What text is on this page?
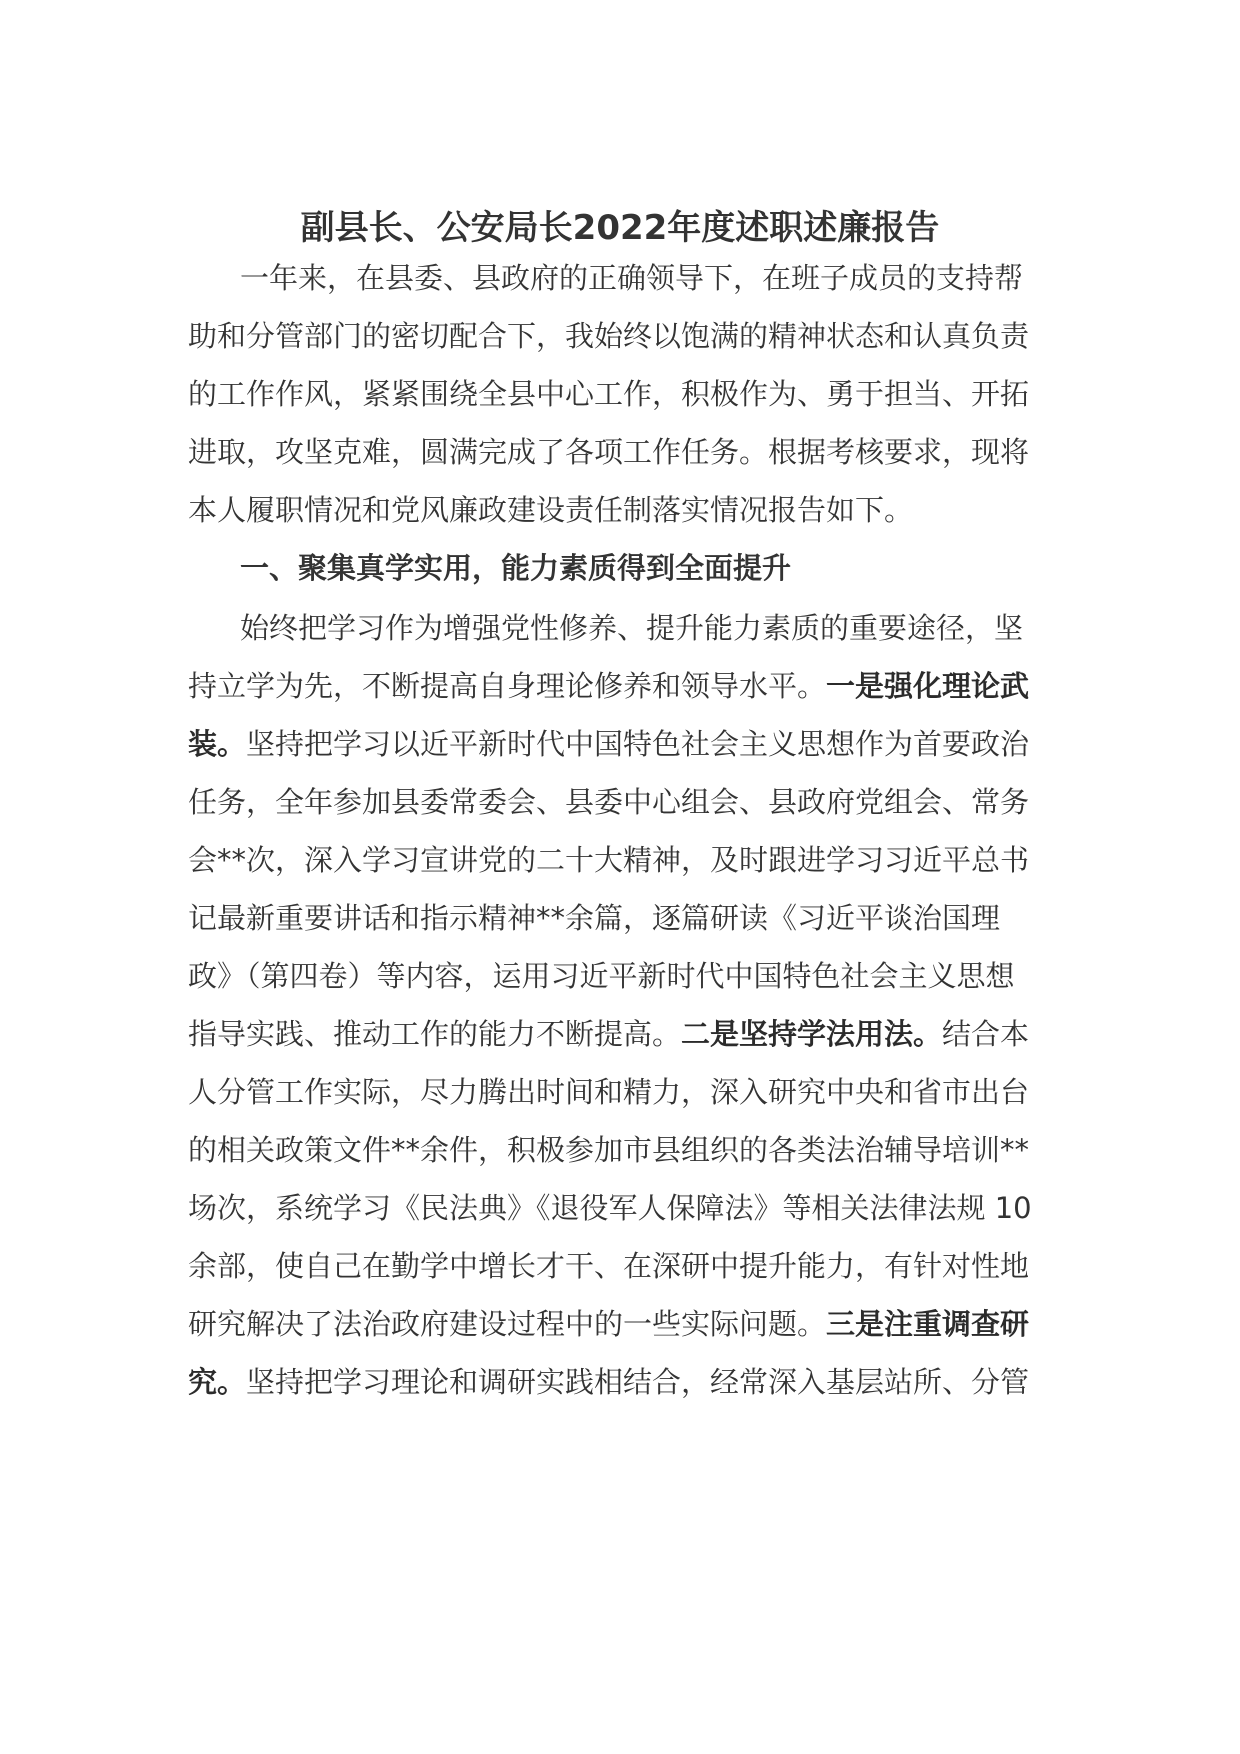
副县长、公安局长2022年度述职述廉报告
一年来，在县委、县政府的正确领导下，在班子成员的支持帮
助和分管部门的密切配合下，我始终以饱满的精神状态和认真负责
的工作作风，紧紧围绕全县中心工作，积极作为、勇于担当、开拓
进取，攻坚克难，圆满完成了各项工作任务。根据考核要求，现将
本人履职情况和党风廉政建设责任制落实情况报告如下。
一、聚集真学实用，能力素质得到全面提升
始终把学习作为增强党性修养、提升能力素质的重要途径，坚
持立学为先，不断提高自身理论修养和领导水平。一是强化理论武
装。坚持把学习以近平新时代中国特色社会主义思想作为首要政治
任务，全年参加县委常委会、县委中心组会、县政府党组会、常务
会**次，深入学习宣讲党的二十大精神，及时跟进学习习近平总书
记最新重要讲话和指示精神**余篇，逐篇研读《习近平谈治国理
政》（第四卷）等内容，运用习近平新时代中国特色社会主义思想
指导实践、推动工作的能力不断提高。二是坚持学法用法。结合本
人分管工作实际，尽力腾出时间和精力，深入研究中央和省市出台
的相关政策文件**余件，积极参加市县组织的各类法治辅导培训**
场次，系统学习《民法典》《退役军人保障法》等相关法律法规 10
余部，使自己在勤学中增长才干、在深研中提升能力，有针对性地
研究解决了法治政府建设过程中的一些实际问题。三是注重调查研
究。坚持把学习理论和调研实践相结合，经常深入基层站所、分管
